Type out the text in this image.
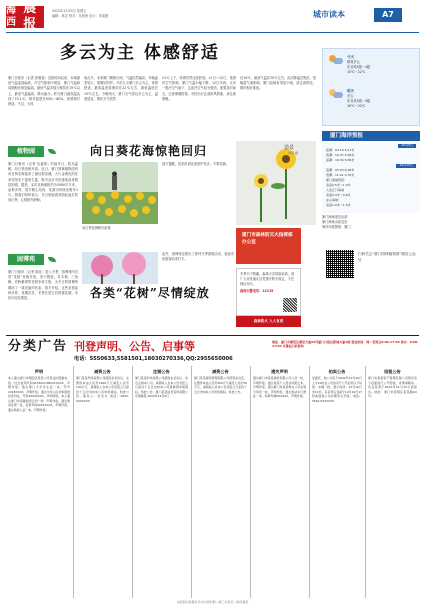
海西
晨报
2022年12月9日 星期五
编辑：林宏 校对：吴柯萱 设计：李素媛	城市读本	A7
多云为主 体感舒适
厦门日报讯（记者 张晓春）近段时间以来，本地最低气温连续偏高，冷空气影响不明显，厦门气温和同期相比明显偏高。最低气温多数天维持在15℃以上，最高气温偏高，降水偏少。昨日厦门最高温达到了23.1℃，相对湿度在50%～80%，体感相对舒适。不过，大风
雨点少，未来厦门晴朗少雨，气温依然偏高，早晚温差较大，需做好防护。今后几天厦门多云为主，体感舒适，最高温度将保持在22℃左右，最低温度在15℃左右。今明两天，厦门天气将以多云为主，温度适宜，晴好天气依然
21℃上下，体感仍然比较舒适。11日～12日，受弱冷空气影响，厦门气温小幅下降，12日早晨，又有一股冷空气南下，这波冷空气较为强劲，需要及时添衣，注意保暖防寒。市民出行注意防风防寒，请注意保暖。
后10℃，最高气温在20℃左右。此次降温过程后，受暖湿气流影响，厦门局地有零星小雨，请注意防范，做好相应准备。
今天
晴到多云
东北风3级～4级
15℃～22℃
明天
多云
东北风3级～4级
16℃～22℃
厦门海洋预报
12月9日
高潮：04:16 6.21米
低潮：10:37 0.98米
高潮：16:34 5.86米
12月10日
高潮：05:03 6.38米
低潮：11:21 0.76米
厦门海域预报：
浪高0.5米～1.0米
九龙江口海域
浪高0.3米～0.6米
东山海域：
浪高1.0米～1.5米
厦门海域适宜出游
厦门海域水质良好
海洋环境预报：厦门
植物园	向日葵花海惊艳回归	造景
朱晋 摄
厦门日报讯（记者 包嘉苑）时值冬日，阳光温暖，向日葵竞相开放。近日，厦门园林植物园内向日葵花海迎来了最佳观赏期，大片金黄色的花朵在阳光下摇曳生姿，吸引众多市民游客前来观赏拍照。据悉，本次花海面积约为3000平方米，品种多样，园方精心培育，花期可持续至明年1月。游客们纷纷表示，冬日里能看到如此灿烂的向日葵，心情格外舒畅。
园方提醒，赏花时请注意爱护花卉，不要采摘。
向日葵花海吸引游客
厦门市森林防灭火指挥部办公室
冬季天干物燥，森林火灾风险较高，请广大市民朋友自觉遵守防火规定，不在林区用火。
森林火警电话：12119
森林防火 人人有责
园博苑
各类“花树”尽情绽放
厦门日报讯（记者 陈佳）进入冬季，园博苑内各类“花树”竞相开放，美不胜收。异木棉、三角梅、宫粉紫荆等花树争奇斗艳，为冬日的园博苑增添了一抹亮丽的色彩。园方介绍，这些花树品种多样，花期各异，冬季正是它们的盛花期，市民可前往观赏。
此外，园博苑还推出了系列冬季游园活动，欢迎市民游客前来打卡。
扫码关注“厦门园林植物园”微信公众号
分类广告 刊登声明、公告、启事等
电话：5550633,5581501,18030270336,QQ:2955650006
地址：厦门市湖里区湖里大道22号厦门日报社新闻大厦1楼 营业时间：周一至周五8:00-17:30 周末：9:00-17:00 可微信扫码咨询
声明

本人遗失厦门市翔安区某某公司营业执照副本，统一社会信用代码91350213MA31XXXX，声明作废。遗失厦门大学学生证一本，学号2018XXXX，声明作废。遗失中华人民共和国居民身份证，号码3502XXXX，声明作废。本人遗失厦门市房屋租赁合同一份，声明作废。遗失购房发票一张，发票号码0001XXXX，声明作废。遗失残疾人证一本，声明作废。

减资公告

厦门某某贸易有限公司经股东会决议，注册资本由人民币1000万元减至人民币100万元，请债权人自本公告见报之日起四十五日内向本公司申报债权。特此公告。联系人：张先生 电话：0592-5XXXXXX

注销公告

厦门某某科技有限公司经股东会决议，决定注销本公司，请债权人自本公告见报之日起四十五日内向本公司清算组申报债权。特此公告。厦门某某信息咨询有限公司清算组 2022年12月9日

减资公告

厦门某某餐饮管理有限公司经股东决定，注册资本由人民币500万元减至人民币50万元，请债权人自本公告见报之日起四十五日内向本公司申报债权。特此公告。

遗失声明

遗失厦门市某某建材有限公司公章一枚，声明作废。遗失某某个人营业执照正本，声明作废。遗失厦门市某某物业公司发票专用章一枚，声明作废。遗失机动车行驶证一本，车牌号闽DXXXXX，声明作废。

拍卖公告

受委托，我公司定于2022年12月20日上午10时在公司拍卖厅公开拍卖以下标的：车辆一批。展示时间：12月16日至19日。有意竞买者请于12月19日17时前到我公司办理竞买手续。电话：0592-5XXXXXX

招租公告

厦门市某某资产管理有限公司现对名下店面进行公开招租，详情请联系。有意者请于2022年12月15日前报名。地址：厦门市思明区某某路XX号。

本版图片除署名外均为资料图 / 厦门日报社 / 海西晨报
